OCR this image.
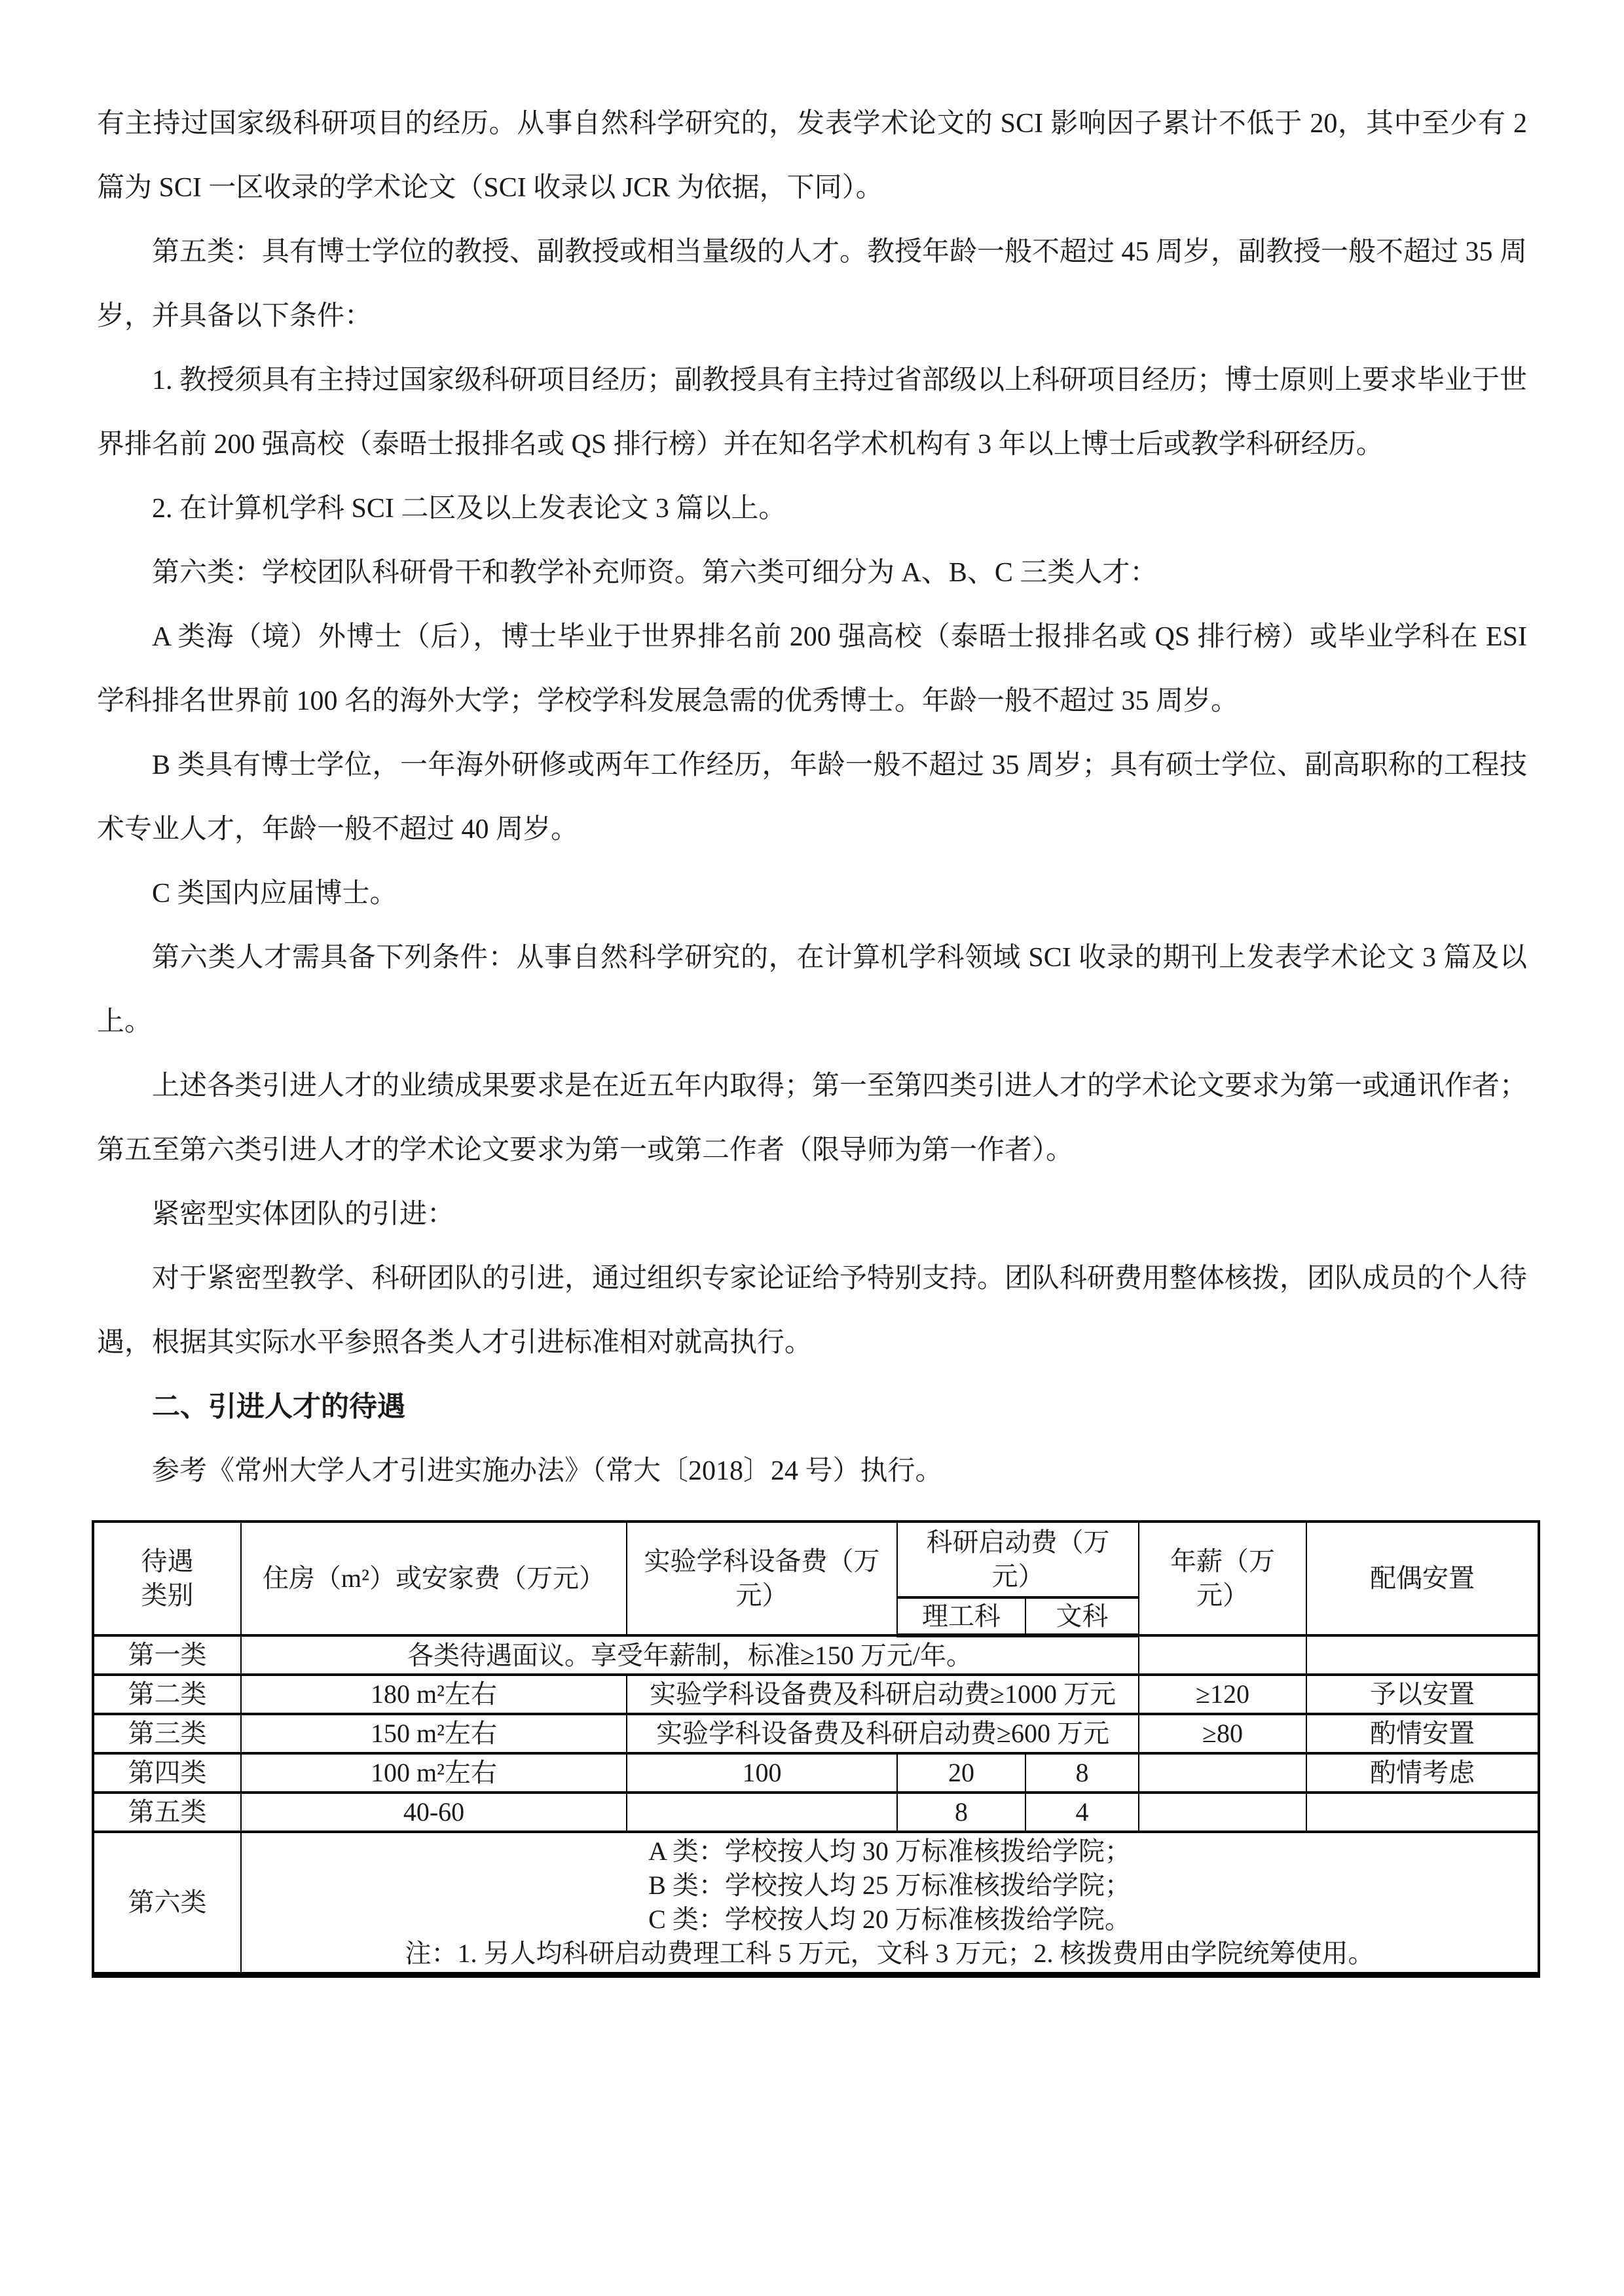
有主持过国家级科研项目的经历。从事自然科学研究的，发表学术论文的 SCI 影响因子累计不低于 20，其中至少有 2 篇为 SCI 一区收录的学术论文（SCI 收录以 JCR 为依据，下同）。

第五类：具有博士学位的教授、副教授或相当量级的人才。教授年龄一般不超过 45 周岁，副教授一般不超过 35 周岁，并具备以下条件：

1. 教授须具有主持过国家级科研项目经历；副教授具有主持过省部级以上科研项目经历；博士原则上要求毕业于世界排名前 200 强高校（泰晤士报排名或 QS 排行榜）并在知名学术机构有 3 年以上博士后或教学科研经历。

2. 在计算机学科 SCI 二区及以上发表论文 3 篇以上。

第六类：学校团队科研骨干和教学补充师资。第六类可细分为 A、B、C 三类人才：

A 类海（境）外博士（后），博士毕业于世界排名前 200 强高校（泰晤士报排名或 QS 排行榜）或毕业学科在 ESI 学科排名世界前 100 名的海外大学；学校学科发展急需的优秀博士。年龄一般不超过 35 周岁。

B 类具有博士学位，一年海外研修或两年工作经历，年龄一般不超过 35 周岁；具有硕士学位、副高职称的工程技术专业人才，年龄一般不超过 40 周岁。

C 类国内应届博士。

第六类人才需具备下列条件：从事自然科学研究的，在计算机学科领域 SCI 收录的期刊上发表学术论文 3 篇及以上。

上述各类引进人才的业绩成果要求是在近五年内取得；第一至第四类引进人才的学术论文要求为第一或通讯作者；第五至第六类引进人才的学术论文要求为第一或第二作者（限导师为第一作者）。

紧密型实体团队的引进：

对于紧密型教学、科研团队的引进，通过组织专家论证给予特别支持。团队科研费用整体核拨，团队成员的个人待遇，根据其实际水平参照各类人才引进标准相对就高执行。

二、引进人才的待遇

参考《常州大学人才引进实施办法》（常大〔2018〕24 号）执行。

待遇类别	住房（m²）或安家费（万元）	实验学科设备费（万元）	科研启动费（万元）		年薪（万元）	配偶安置
			理工科	文科		
第一类	各类待遇面议。享受年薪制，标准≥150 万元/年。					
第二类	180 m²左右	实验学科设备费及科研启动费≥1000 万元			≥120	予以安置
第三类	150 m²左右	实验学科设备费及科研启动费≥600 万元			≥80	酌情安置
第四类	100 m²左右	100	20	8		酌情考虑
第五类	40-60		8	4		
第六类	A 类：学校按人均 30 万标准核拨给学院；
B 类：学校按人均 25 万标准核拨给学院；
C 类：学校按人均 20 万标准核拨给学院。
注：1. 另人均科研启动费理工科 5 万元，文科 3 万元；2. 核拨费用由学院统筹使用。					
